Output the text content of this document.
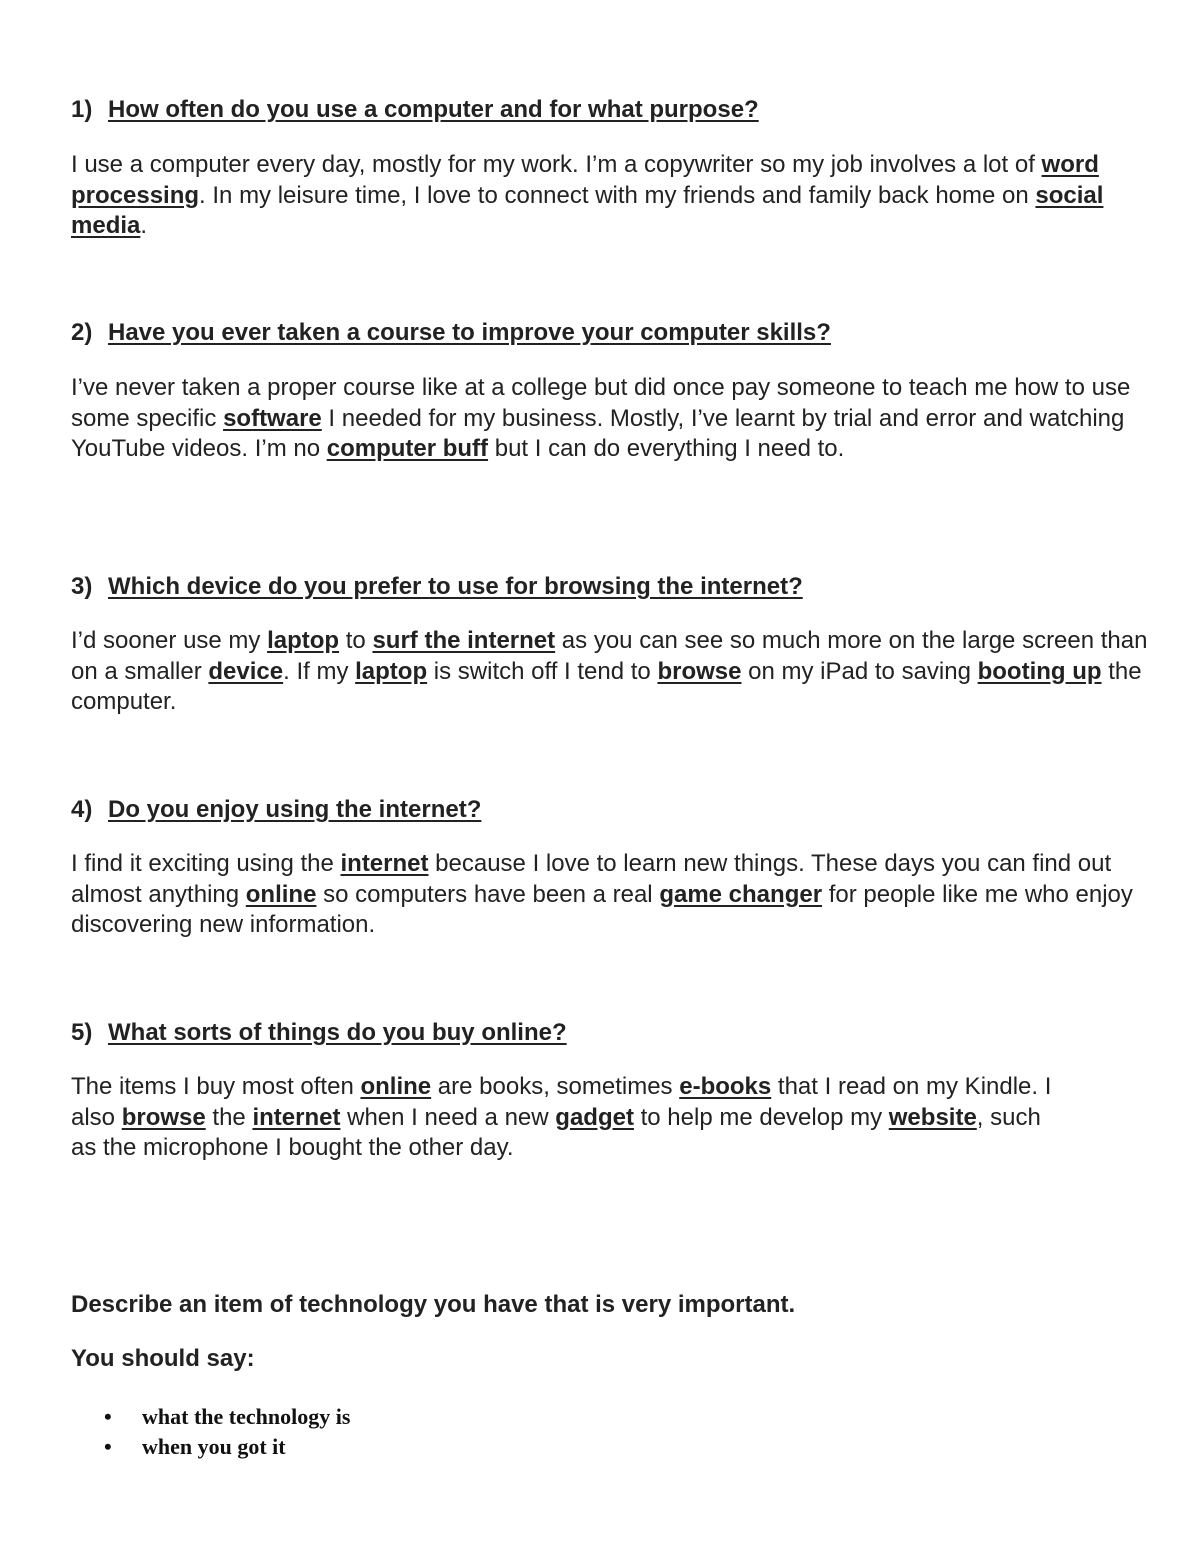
1) How often do you use a computer and for what purpose?
I use a computer every day, mostly for my work. I’m a copywriter so my job involves a lot of word processing. In my leisure time, I love to connect with my friends and family back home on social media.
2) Have you ever taken a course to improve your computer skills?
I’ve never taken a proper course like at a college but did once pay someone to teach me how to use some specific software I needed for my business. Mostly, I’ve learnt by trial and error and watching YouTube videos. I’m no computer buff but I can do everything I need to.
3) Which device do you prefer to use for browsing the internet?
I’d sooner use my laptop to surf the internet as you can see so much more on the large screen than on a smaller device. If my laptop is switch off I tend to browse on my iPad to saving booting up the computer.
4) Do you enjoy using the internet?
I find it exciting using the internet because I love to learn new things. These days you can find out almost anything online so computers have been a real game changer for people like me who enjoy discovering new information.
5) What sorts of things do you buy online?
The items I buy most often online are books, sometimes e-books that I read on my Kindle. I also browse the internet when I need a new gadget to help me develop my website, such as the microphone I bought the other day.
Describe an item of technology you have that is very important.
You should say:
• what the technology is
• when you got it
